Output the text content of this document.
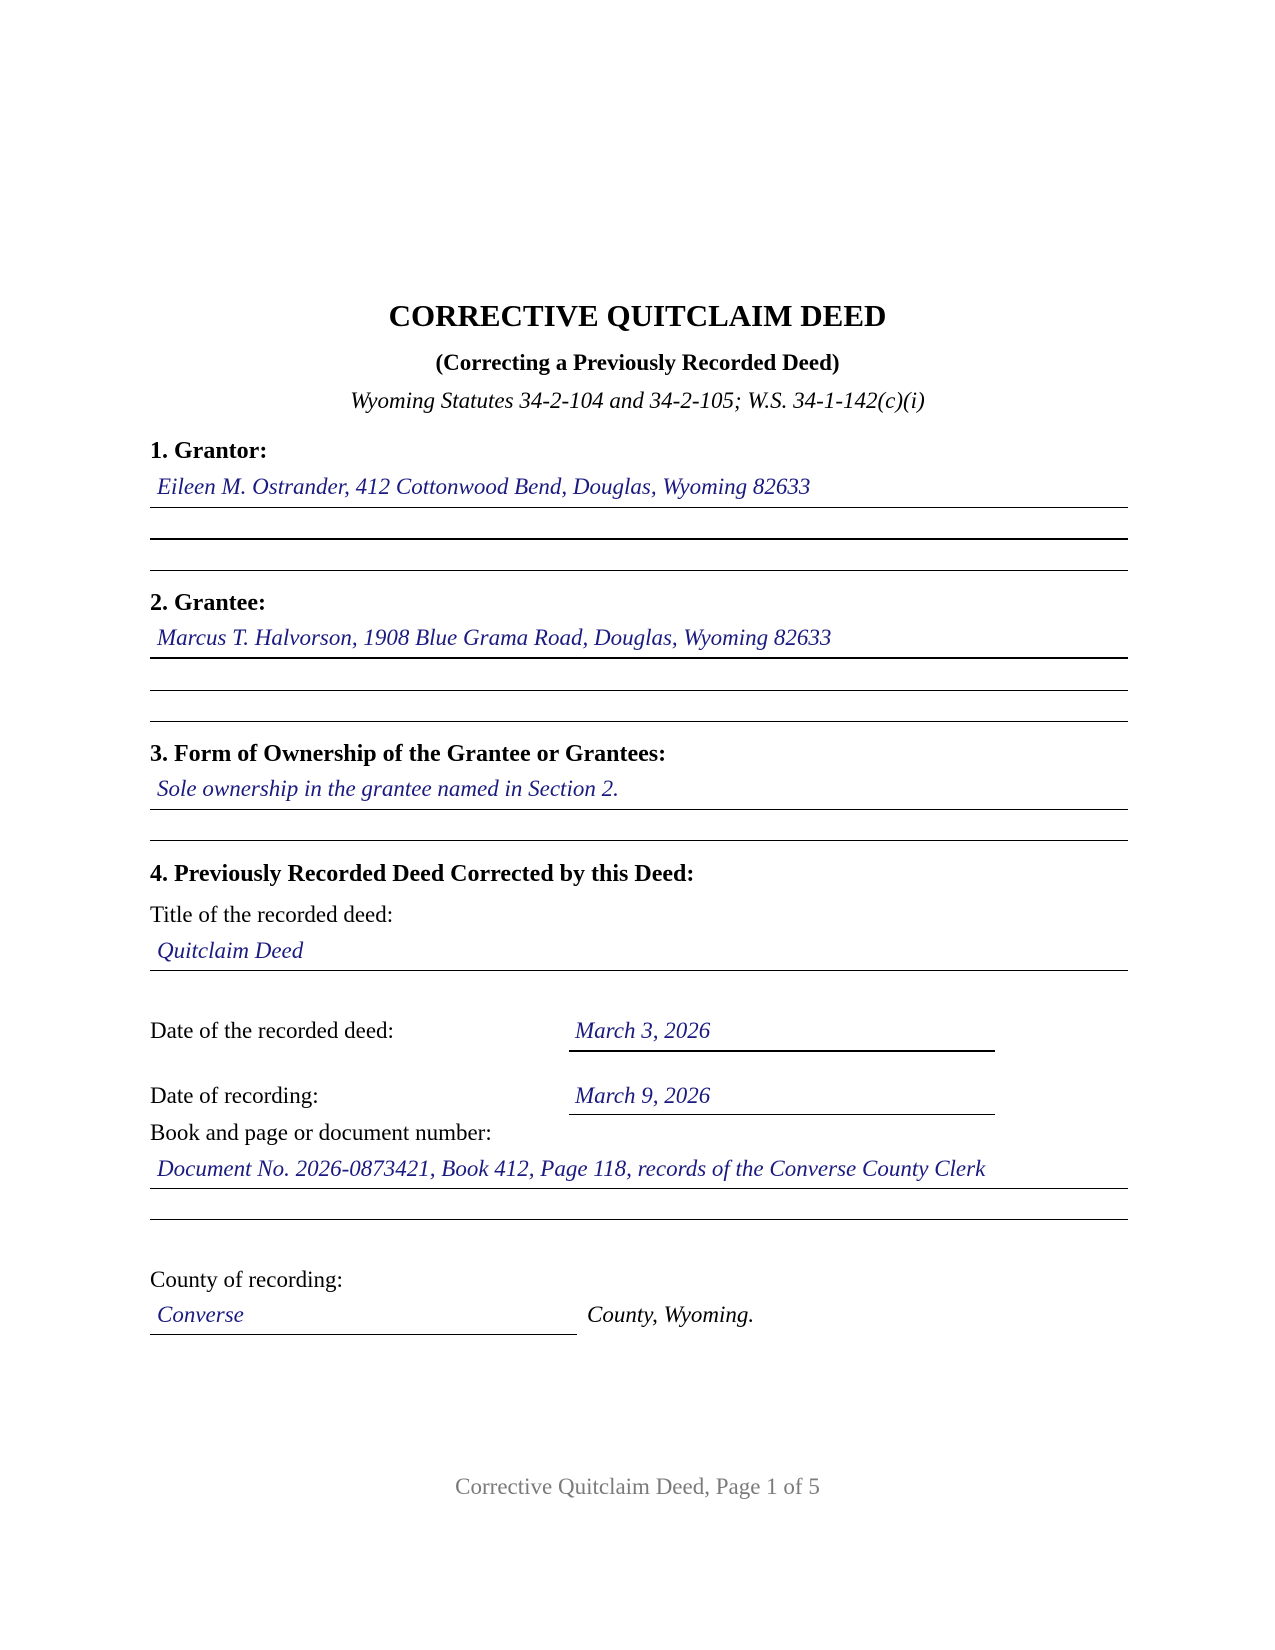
CORRECTIVE QUITCLAIM DEED
(Correcting a Previously Recorded Deed)
Wyoming Statutes 34-2-104 and 34-2-105; W.S. 34-1-142(c)(i)
1. Grantor:
Eileen M. Ostrander, 412 Cottonwood Bend, Douglas, Wyoming 82633
2. Grantee:
Marcus T. Halvorson, 1908 Blue Grama Road, Douglas, Wyoming 82633
3. Form of Ownership of the Grantee or Grantees:
Sole ownership in the grantee named in Section 2.
4. Previously Recorded Deed Corrected by this Deed:
Title of the recorded deed:
Quitclaim Deed
Date of the recorded deed:	March 3, 2026
Date of recording:	March 9, 2026
Book and page or document number:
Document No. 2026-0873421, Book 412, Page 118, records of the Converse County Clerk
County of recording:
Converse	County, Wyoming.
Corrective Quitclaim Deed, Page 1 of 5
